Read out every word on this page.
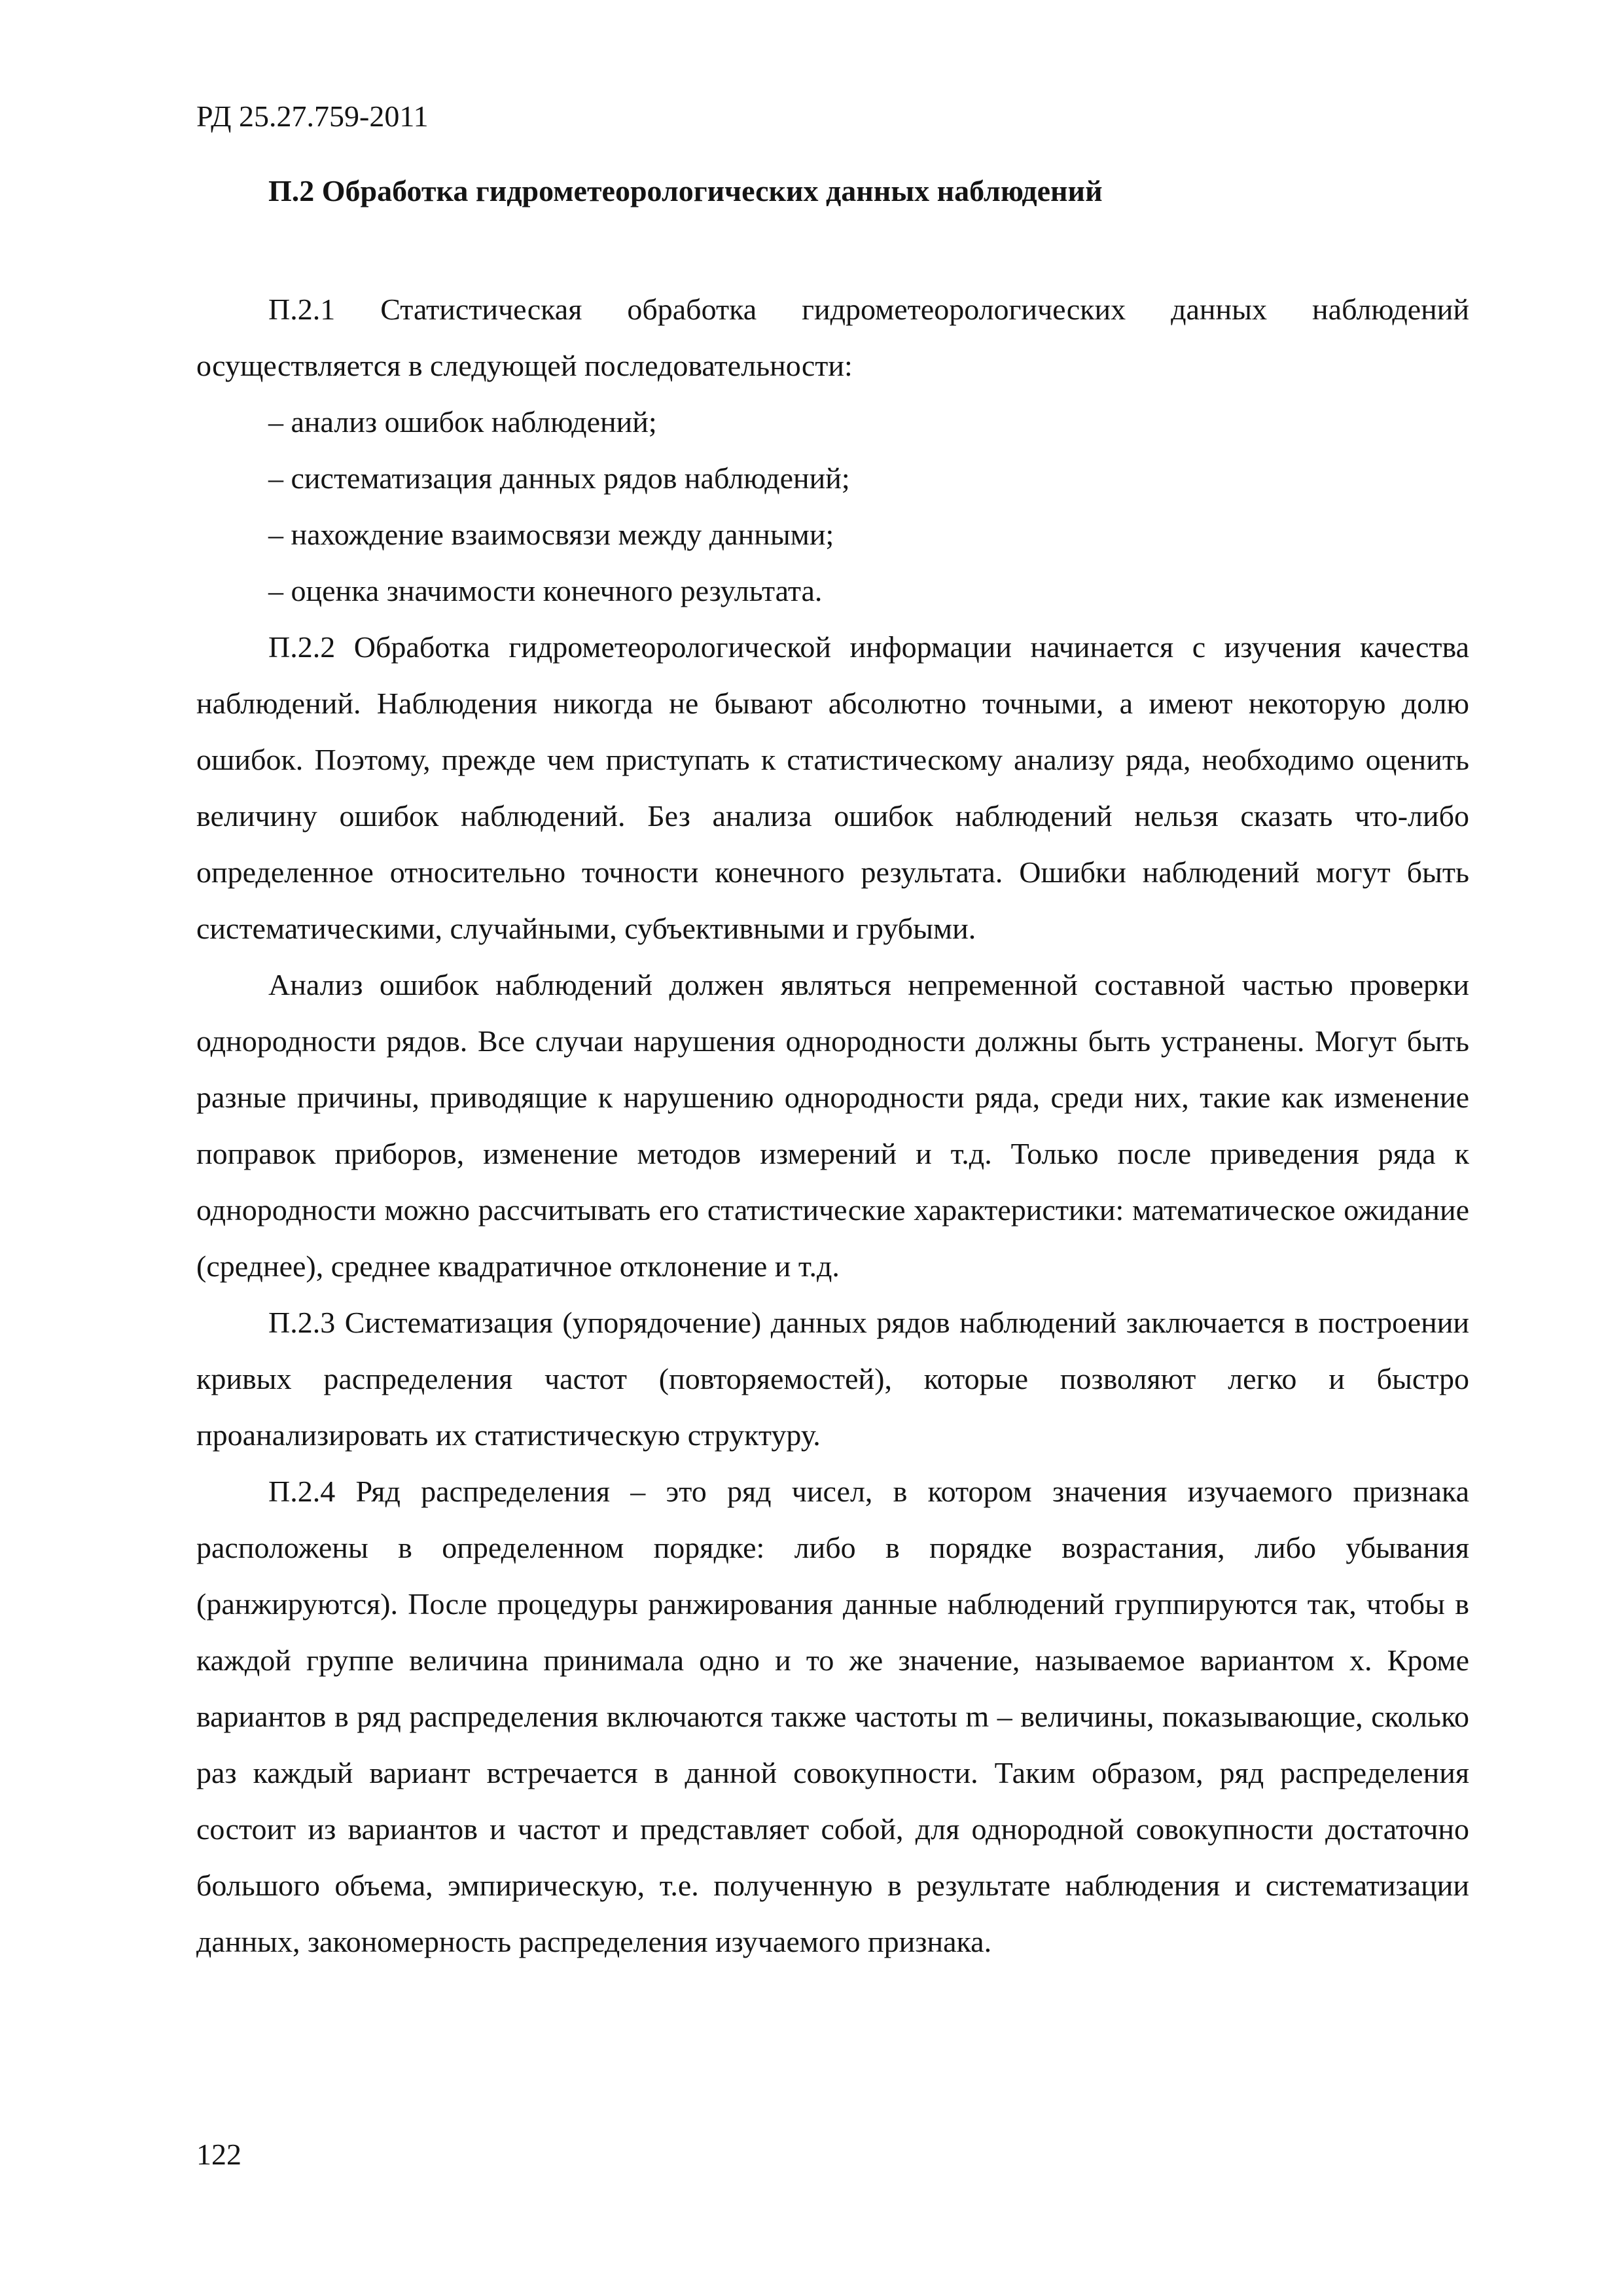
РД 25.27.759-2011
П.2 Обработка гидрометеорологических данных наблюдений

П.2.1 Статистическая обработка гидрометеорологических данных наблюдений осуществляется в следующей последовательности:

– анализ ошибок наблюдений;

– систематизация данных рядов наблюдений;

– нахождение взаимосвязи между данными;

– оценка значимости конечного результата.

П.2.2 Обработка гидрометеорологической информации начинается с изучения качества наблюдений. Наблюдения никогда не бывают абсолютно точными, а имеют некоторую долю ошибок. Поэтому, прежде чем приступать к статистическому анализу ряда, необходимо оценить величину ошибок наблюдений. Без анализа ошибок наблюдений нельзя сказать что-либо определенное относительно точности конечного результата. Ошибки наблюдений могут быть систематическими, случайными, субъективными и грубыми.

Анализ ошибок наблюдений должен являться непременной составной частью проверки однородности рядов. Все случаи нарушения однородности должны быть устранены. Могут быть разные причины, приводящие к нарушению однородности ряда, среди них, такие как изменение поправок приборов, изменение методов измерений и т.д. Только после приведения ряда к однородности можно рассчитывать его статистические характеристики: математическое ожидание (среднее), среднее квадратичное отклонение и т.д.

П.2.3 Систематизация (упорядочение) данных рядов наблюдений заключается в построении кривых распределения частот (повторяемостей), которые позволяют легко и быстро проанализировать их статистическую структуру.

П.2.4 Ряд распределения – это ряд чисел, в котором значения изучаемого признака расположены в определенном порядке: либо в порядке возрастания, либо убывания (ранжируются). После процедуры ранжирования данные наблюдений группируются так, чтобы в каждой группе величина принимала одно и то же значение, называемое вариантом x. Кроме вариантов в ряд распределения включаются также частоты m – величины, показывающие, сколько раз каждый вариант встречается в данной совокупности. Таким образом, ряд распределения состоит из вариантов и частот и представляет собой, для однородной совокупности достаточно большого объема, эмпирическую, т.е. полученную в результате наблюдения и систематизации данных, закономерность распределения изучаемого признака.

122
